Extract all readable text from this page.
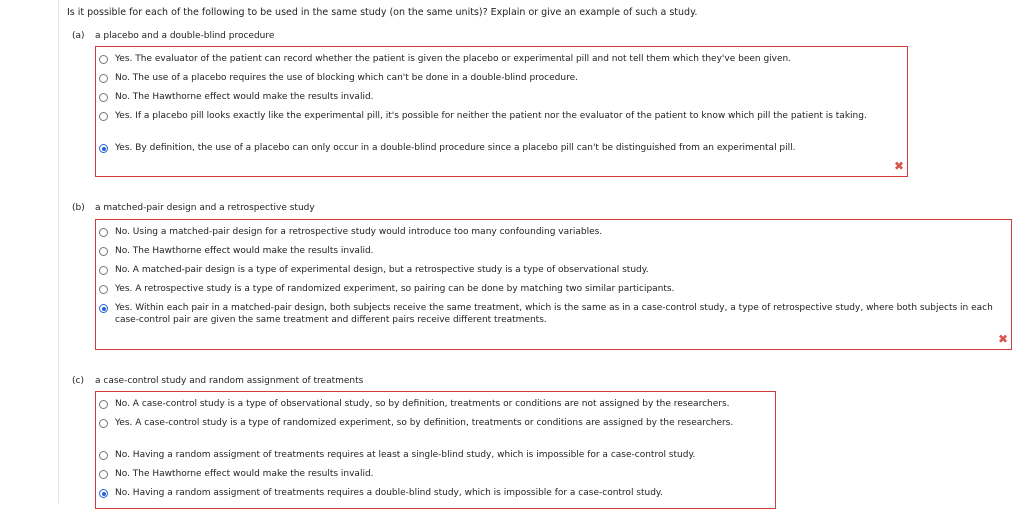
Is it possible for each of the following to be used in the same study (on the same units)? Explain or give an example of such a study.
(a) a placebo and a double-blind procedure
Yes. The evaluator of the patient can record whether the patient is given the placebo or experimental pill and not tell them which they've been given.
No. The use of a placebo requires the use of blocking which can't be done in a double-blind procedure.
No. The Hawthorne effect would make the results invalid.
Yes. If a placebo pill looks exactly like the experimental pill, it's possible for neither the patient nor the evaluator of the patient to know which pill the patient is taking.
Yes. By definition, the use of a placebo can only occur in a double-blind procedure since a placebo pill can't be distinguished from an experimental pill.
✖
(b) a matched-pair design and a retrospective study
No. Using a matched-pair design for a retrospective study would introduce too many confounding variables.
No. The Hawthorne effect would make the results invalid.
No. A matched-pair design is a type of experimental design, but a retrospective study is a type of observational study.
Yes. A retrospective study is a type of randomized experiment, so pairing can be done by matching two similar participants.
Yes. Within each pair in a matched-pair design, both subjects receive the same treatment, which is the same as in a case-control study, a type of retrospective study, where both subjects in each case-control pair are given the same treatment and different pairs receive different treatments.
✖
(c) a case-control study and random assignment of treatments
No. A case-control study is a type of observational study, so by definition, treatments or conditions are not assigned by the researchers.
Yes. A case-control study is a type of randomized experiment, so by definition, treatments or conditions are assigned by the researchers.
No. Having a random assigment of treatments requires at least a single-blind study, which is impossible for a case-control study.
No. The Hawthorne effect would make the results invalid.
No. Having a random assigment of treatments requires a double-blind study, which is impossible for a case-control study.
